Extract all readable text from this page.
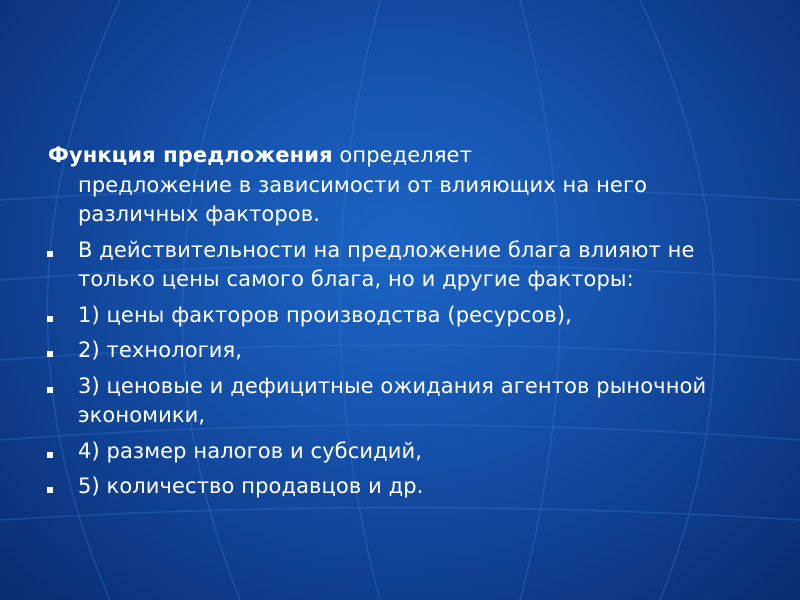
Функция предложения определяет
предложение в зависимости от влияющих на него различных факторов.

В действительности на предложение блага влияют не только цены самого блага, но и другие факторы:
1) цены факторов производства (ресурсов),
2) технология,
3) ценовые и дефицитные ожидания агентов рыночной экономики,
4) размер налогов и субсидий,
5) количество продавцов и др.
